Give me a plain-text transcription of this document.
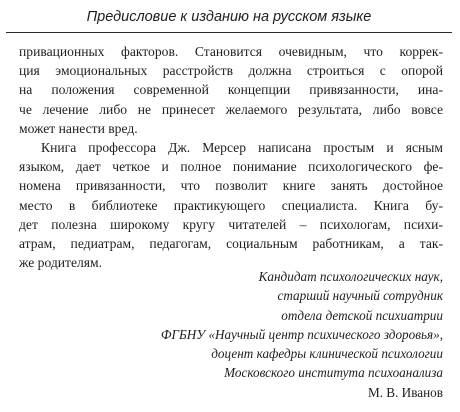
Предисловие к изданию на русском языке
привационных факторов. Становится очевидным, что коррек-
ция эмоциональных расстройств должна строиться с опорой
на положения современной концепции привязанности, ина-
че лечение либо не принесет желаемого результата, либо вовсе
может нанести вред.
Книга профессора Дж. Мерсер написана простым и ясным
языком, дает четкое и полное понимание психологического фе-
номена привязанности, что позволит книге занять достойное
место в библиотеке практикующего специалиста. Книга бу-
дет полезна широкому кругу читателей – психологам, психи-
атрам, педиатрам, педагогам, социальным работникам, а так-
же родителям.
Кандидат психологических наук,
старший научный сотрудник
отдела детской психиатрии
ФГБНУ «Научный центр психического здоровья»,
доцент кафедры клинической психологии
Московского института психоанализа
М. В. Иванов
